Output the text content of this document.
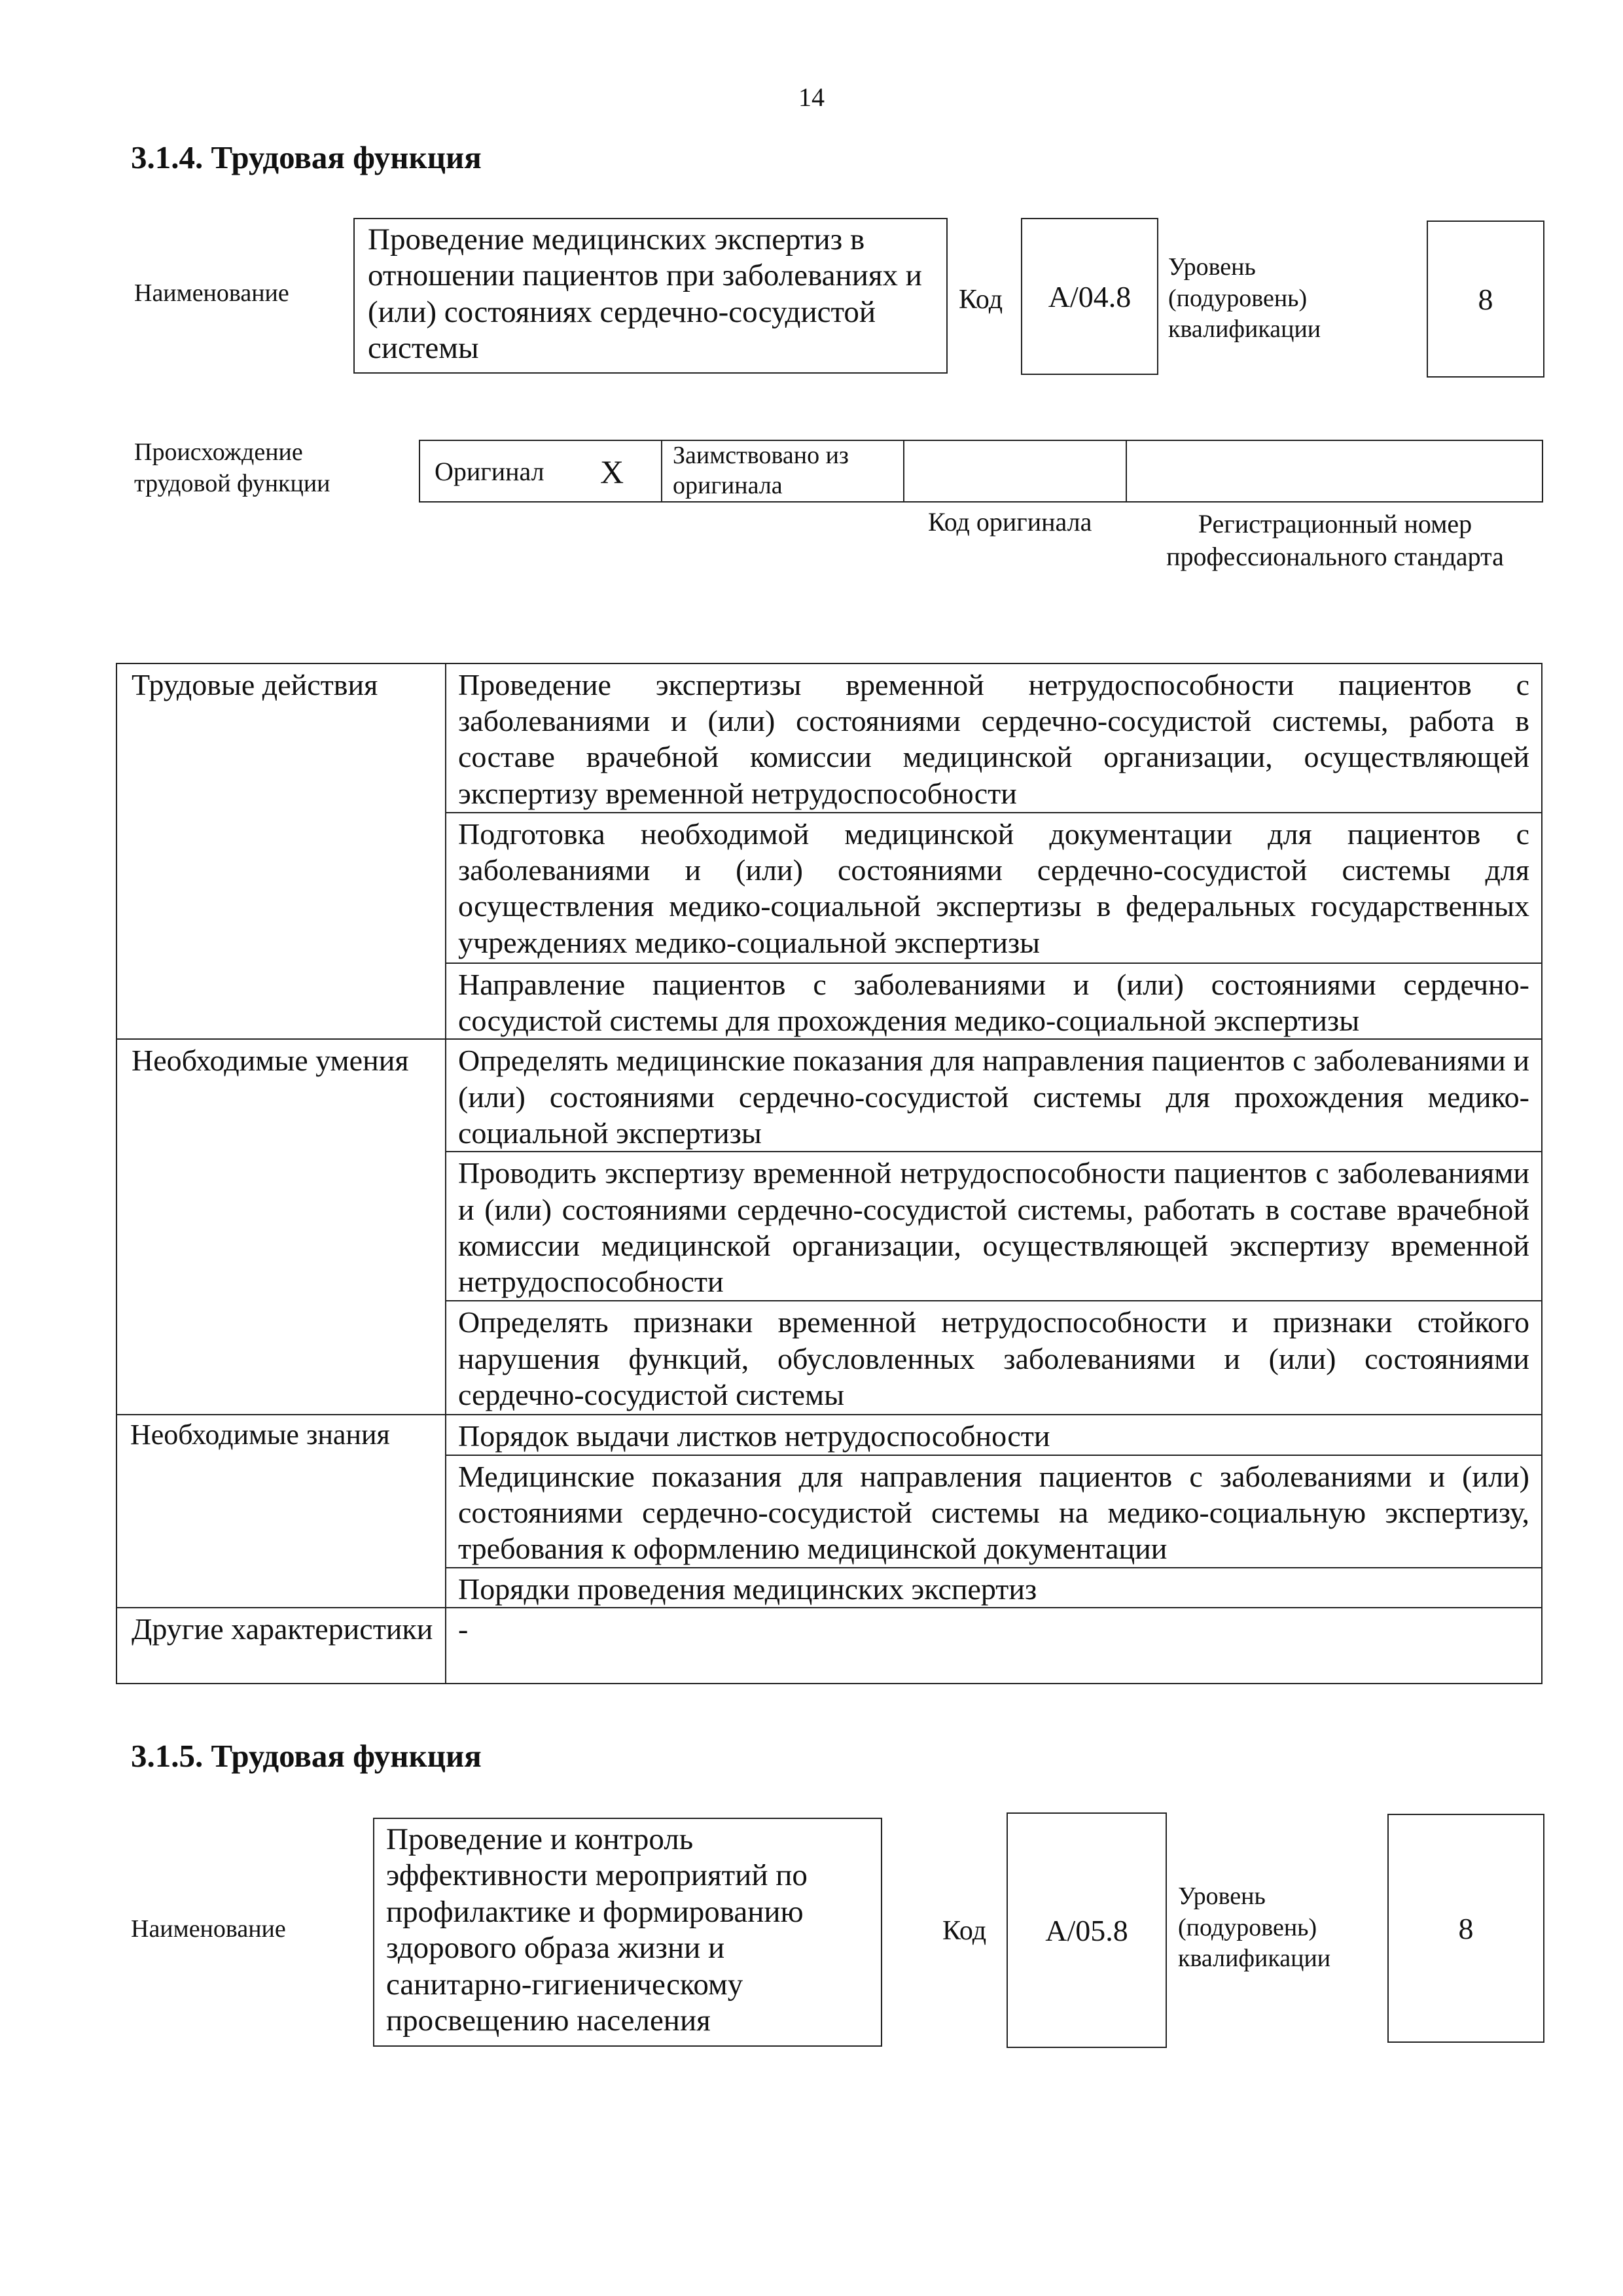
14
3.1.4. Трудовая функция
Наименование
Проведение медицинских экспертиз в отношении пациентов при заболеваниях и (или) состояниях сердечно-сосудистой системы
Код A/04.8
Уровень (подуровень) квалификации
8
Происхождение трудовой функции	Оригинал X Заимствовано из оригинала
Код оригинала	Регистрационный номер профессионального стандарта
Трудовые действия	Проведение экспертизы временной нетрудоспособности пациентов с заболеваниями и (или) состояниями сердечно-сосудистой системы, работа в составе врачебной комиссии медицинской организации, осуществляющей экспертизу временной нетрудоспособности
	Подготовка необходимой медицинской документации для пациентов с заболеваниями и (или) состояниями сердечно-сосудистой системы для осуществления медико-социальной экспертизы в федеральных государственных учреждениях медико-социальной экспертизы
	Направление пациентов с заболеваниями и (или) состояниями сердечно-сосудистой системы для прохождения медико-социальной экспертизы
Необходимые умения	Определять медицинские показания для направления пациентов с заболеваниями и (или) состояниями сердечно-сосудистой системы для прохождения медико-социальной экспертизы
	Проводить экспертизу временной нетрудоспособности пациентов с заболеваниями и (или) состояниями сердечно-сосудистой системы, работать в составе врачебной комиссии медицинской организации, осуществляющей экспертизу временной нетрудоспособности
	Определять признаки временной нетрудоспособности и признаки стойкого нарушения функций, обусловленных заболеваниями и (или) состояниями сердечно-сосудистой системы
Необходимые знания	Порядок выдачи листков нетрудоспособности
	Медицинские показания для направления пациентов с заболеваниями и (или) состояниями сердечно-сосудистой системы на медико-социальную экспертизу, требования к оформлению медицинской документации
	Порядки проведения медицинских экспертиз
Другие характеристики	-
3.1.5. Трудовая функция
Наименование
Проведение и контроль эффективности мероприятий по профилактике и формированию здорового образа жизни и санитарно-гигиеническому просвещению населения
Код A/05.8
Уровень (подуровень) квалификации
8
